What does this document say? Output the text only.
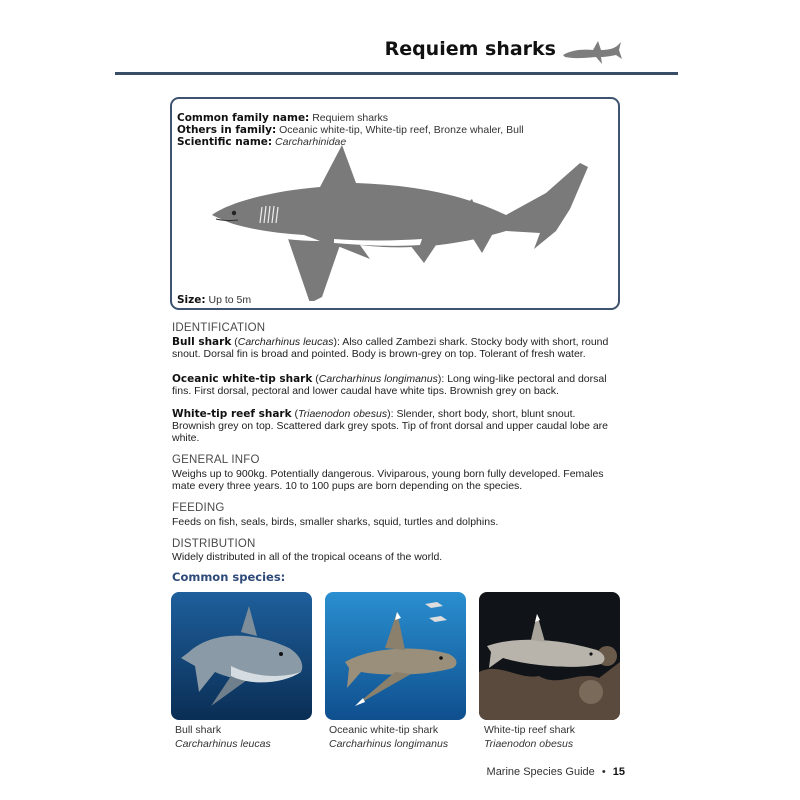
Requiem sharks
Common family name: Requiem sharks
Others in family: Oceanic white-tip, White-tip reef, Bronze whaler, Bull
Scientific name: Carcharhinidae
Size: Up to 5m
IDENTIFICATION
Bull shark (Carcharhinus leucas): Also called Zambezi shark. Stocky body with short, round snout. Dorsal fin is broad and pointed. Body is brown-grey on top. Tolerant of fresh water.
Oceanic white-tip shark (Carcharhinus longimanus): Long wing-like pectoral and dorsal fins. First dorsal, pectoral and lower caudal have white tips. Brownish grey on back.
White-tip reef shark (Triaenodon obesus): Slender, short body, short, blunt snout. Brownish grey on top. Scattered dark grey spots. Tip of front dorsal and upper caudal lobe are white.
GENERAL INFO
Weighs up to 900kg. Potentially dangerous. Viviparous, young born fully developed. Females mate every three years. 10 to 100 pups are born depending on the species.
FEEDING
Feeds on fish, seals, birds, smaller sharks, squid, turtles and dolphins.
DISTRIBUTION
Widely distributed in all of the tropical oceans of the world.
Common species:
Bull shark
Carcharhinus leucas
Oceanic white-tip shark
Carcharhinus longimanus
White-tip reef shark
Triaenodon obesus
Marine Species Guide • 15
